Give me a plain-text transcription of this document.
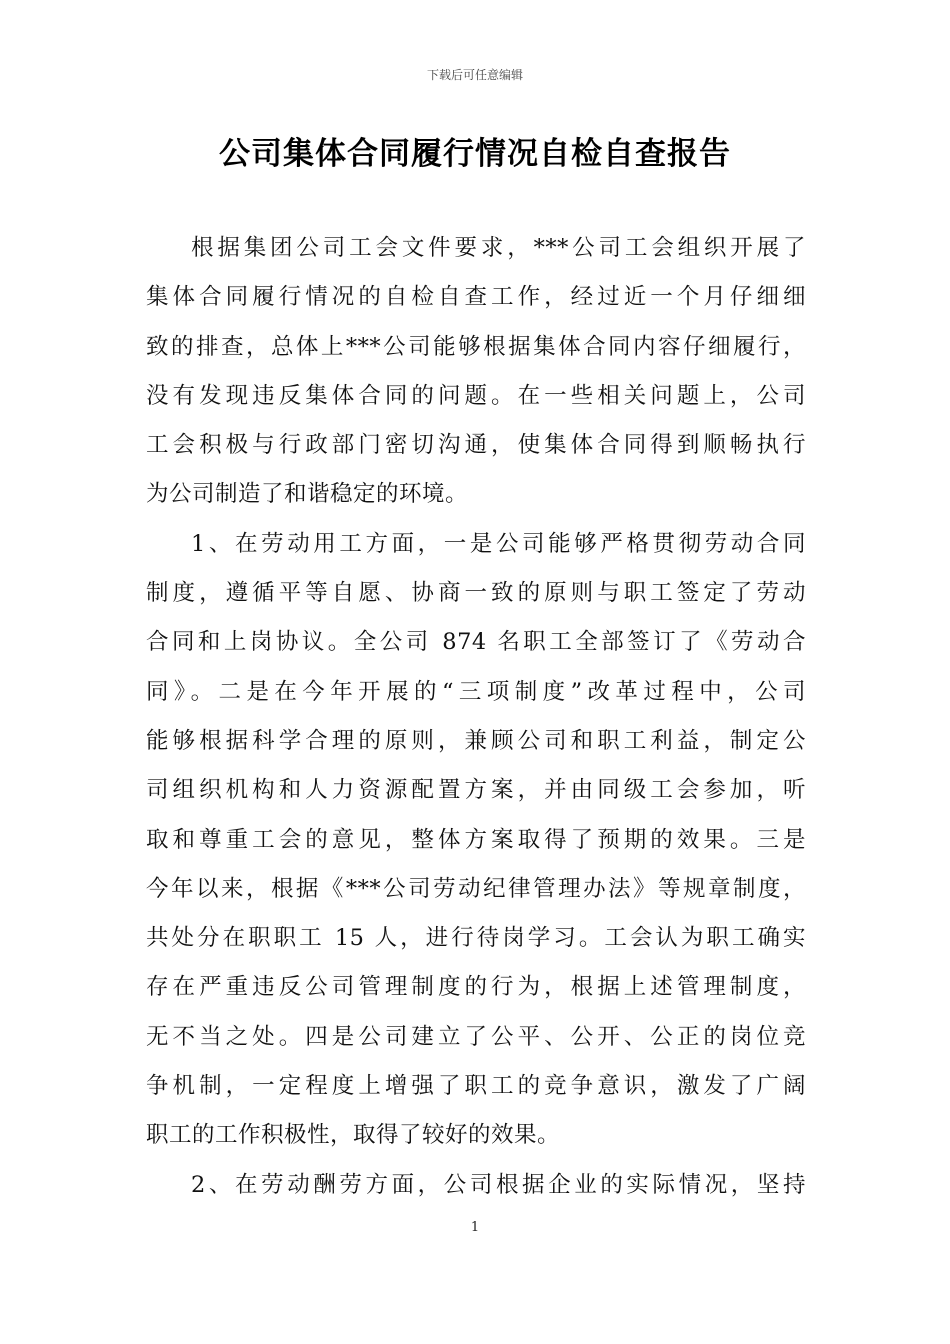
下载后可任意编辑
公司集体合同履行情况自检自查报告
根据集团公司工会文件要求，***公司工会组织开展了
集体合同履行情况的自检自查工作，经过近一个月仔细细
致的排查，总体上***公司能够根据集体合同内容仔细履行，
没有发现违反集体合同的问题。在一些相关问题上，公司
工会积极与行政部门密切沟通，使集体合同得到顺畅执行
为公司制造了和谐稳定的环境。
1、在劳动用工方面，一是公司能够严格贯彻劳动合同
制度，遵循平等自愿、协商一致的原则与职工签定了劳动
合同和上岗协议。全公司 874 名职工全部签订了《劳动合
同》。二是在今年开展的“三项制度”改革过程中，公司
能够根据科学合理的原则，兼顾公司和职工利益，制定公
司组织机构和人力资源配置方案，并由同级工会参加，听
取和尊重工会的意见，整体方案取得了预期的效果。三是
今年以来，根据《***公司劳动纪律管理办法》等规章制度，
共处分在职职工 15 人，进行待岗学习。工会认为职工确实
存在严重违反公司管理制度的行为，根据上述管理制度，
无不当之处。四是公司建立了公平、公开、公正的岗位竞
争机制，一定程度上增强了职工的竞争意识，激发了广阔
职工的工作积极性，取得了较好的效果。
2、在劳动酬劳方面，公司根据企业的实际情况，坚持
1
